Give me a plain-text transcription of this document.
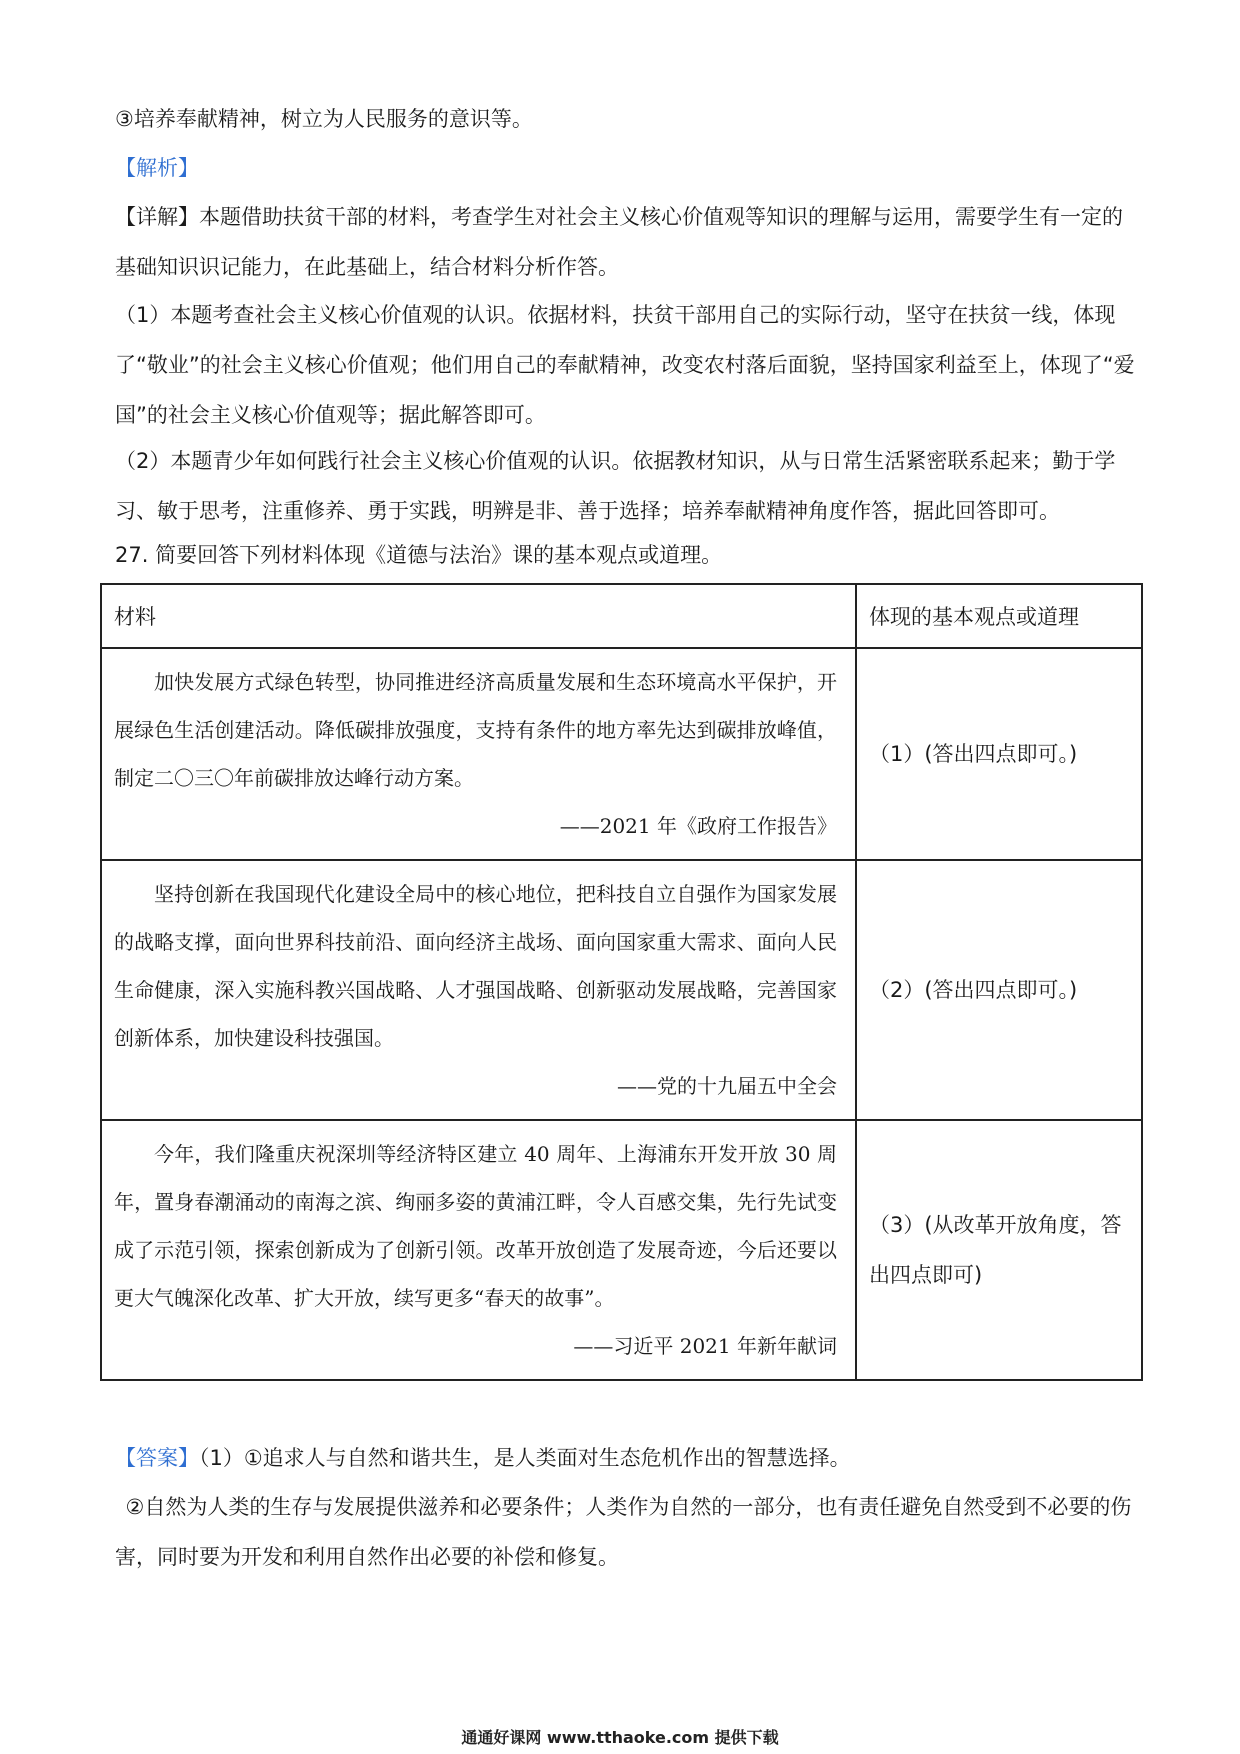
③培养奉献精神，树立为人民服务的意识等。

【解析】

【详解】本题借助扶贫干部的材料，考查学生对社会主义核心价值观等知识的理解与运用，需要学生有一定的基础知识识记能力，在此基础上，结合材料分析作答。

（1）本题考查社会主义核心价值观的认识。依据材料，扶贫干部用自己的实际行动，坚守在扶贫一线，体现了“敬业”的社会主义核心价值观；他们用自己的奉献精神，改变农村落后面貌，坚持国家利益至上，体现了“爱国”的社会主义核心价值观等；据此解答即可。

（2）本题青少年如何践行社会主义核心价值观的认识。依据教材知识，从与日常生活紧密联系起来；勤于学习、敏于思考，注重修养、勇于实践，明辨是非、善于选择；培养奉献精神角度作答，据此回答即可。

27. 简要回答下列材料体现《道德与法治》课的基本观点或道理。

材料	体现的基本观点或道理

加快发展方式绿色转型，协同推进经济高质量发展和生态环境高水平保护，开展绿色生活创建活动。降低碳排放强度，支持有条件的地方率先达到碳排放峰值，制定二〇三〇年前碳排放达峰行动方案。

——2021 年《政府工作报告》	（1）(答出四点即可。)

坚持创新在我国现代化建设全局中的核心地位，把科技自立自强作为国家发展的战略支撑，面向世界科技前沿、面向经济主战场、面向国家重大需求、面向人民生命健康，深入实施科教兴国战略、人才强国战略、创新驱动发展战略，完善国家创新体系，加快建设科技强国。

——党的十九届五中全会	（2）(答出四点即可。)

今年，我们隆重庆祝深圳等经济特区建立 40 周年、上海浦东开发开放 30 周年，置身春潮涌动的南海之滨、绚丽多姿的黄浦江畔，令人百感交集，先行先试变成了示范引领，探索创新成为了创新引领。改革开放创造了发展奇迹，今后还要以更大气魄深化改革、扩大开放，续写更多“春天的故事”。

——习近平 2021 年新年献词	（3）(从改革开放角度，答出四点即可)

【答案】（1）①追求人与自然和谐共生，是人类面对生态危机作出的智慧选择。

②自然为人类的生存与发展提供滋养和必要条件；人类作为自然的一部分，也有责任避免自然受到不必要的伤害，同时要为开发和利用自然作出必要的补偿和修复。

通通好课网 www.tthaoke.com 提供下载
